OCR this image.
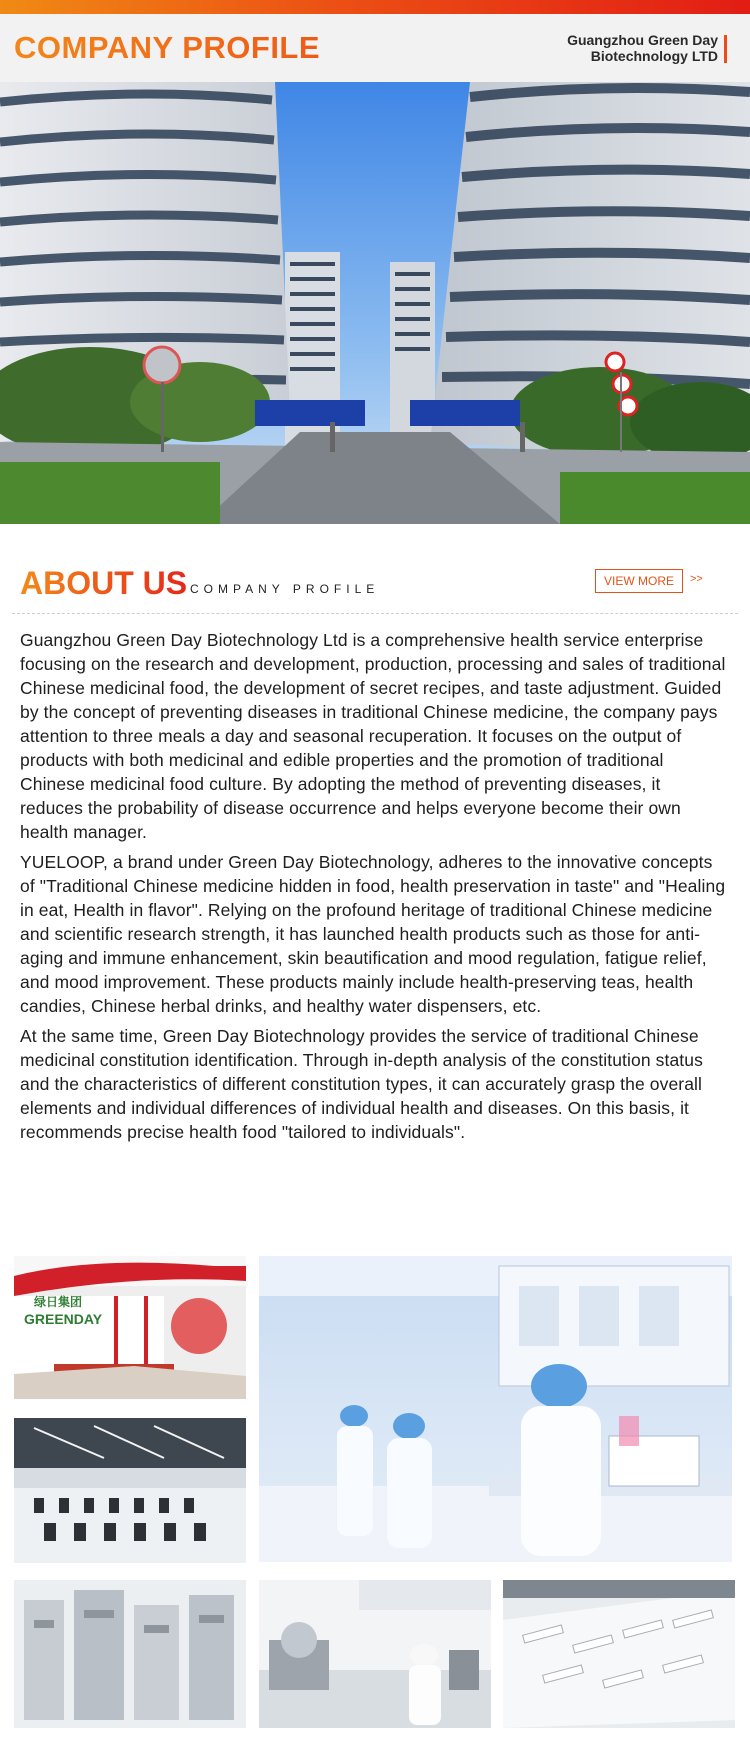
COMPANY PROFILE	Guangzhou Green Day
Biotechnology LTD
ABOUT US COMPANY PROFILE
VIEW MORE	>>

Guangzhou Green Day Biotechnology Ltd is a comprehensive health service enterprise focusing on the research and development, production, processing and sales of traditional Chinese medicinal food, the development of secret recipes, and taste adjustment. Guided by the concept of preventing diseases in traditional Chinese medicine, the company pays attention to three meals a day and seasonal recuperation. It focuses on the output of products with both medicinal and edible properties and the promotion of traditional Chinese medicinal food culture. By adopting the method of preventing diseases, it reduces the probability of disease occurrence and helps everyone become their own health manager.

YUELOOP, a brand under Green Day Biotechnology, adheres to the innovative concepts of "Traditional Chinese medicine hidden in food, health preservation in taste" and "Healing in eat, Health in flavor". Relying on the profound heritage of traditional Chinese medicine and scientific research strength, it has launched health products such as those for anti-aging and immune enhancement, skin beautification and mood regulation, fatigue relief, and mood improvement. These products mainly include health-preserving teas, health candies, Chinese herbal drinks, and healthy water dispensers, etc.

At the same time, Green Day Biotechnology provides the service of traditional Chinese medicinal constitution identification. Through in-depth analysis of the constitution status and the characteristics of different constitution types, it can accurately grasp the overall elements and individual differences of individual health and diseases. On this basis, it recommends precise health food "tailored to individuals".

绿日集团
GREENDAY
